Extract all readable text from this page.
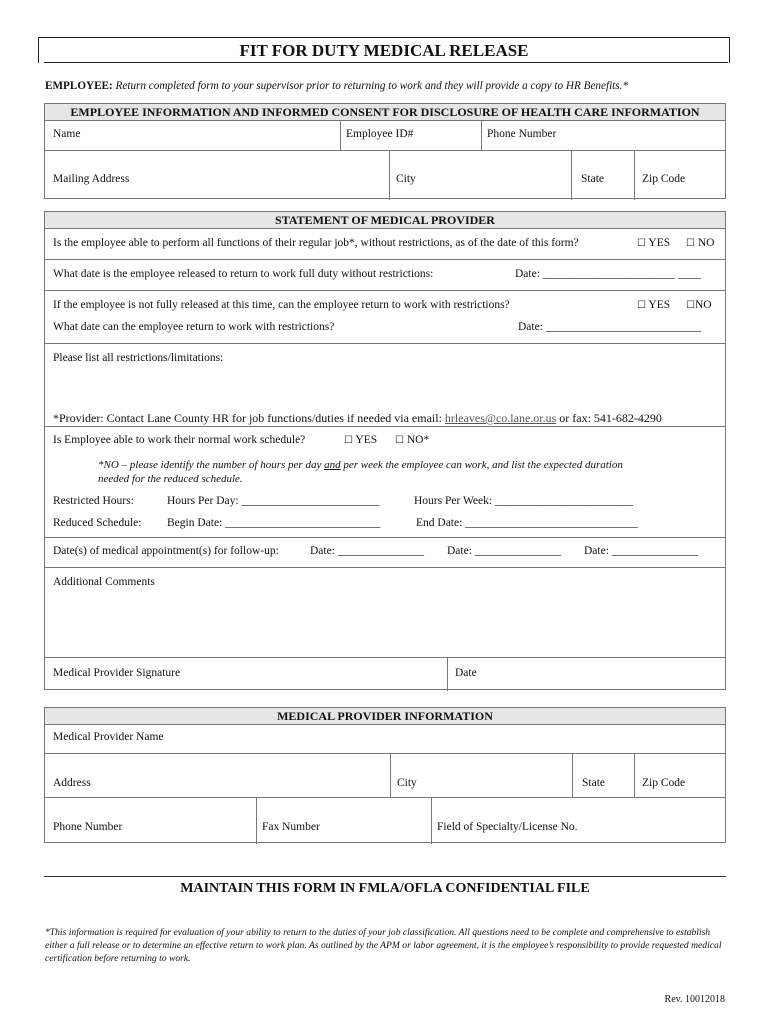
FIT FOR DUTY MEDICAL RELEASE
EMPLOYEE: Return completed form to your supervisor prior to returning to work and they will provide a copy to HR Benefits.*
EMPLOYEE INFORMATION AND INFORMED CONSENT FOR DISCLOSURE OF HEALTH CARE INFORMATION
Name	Employee ID#	Phone Number
Mailing Address	City	State	Zip Code
STATEMENT OF MEDICAL PROVIDER
Is the employee able to perform all functions of their regular job*, without restrictions, as of the date of this form?	☐ YES ☐ NO
What date is the employee released to return to work full duty without restrictions:	Date: _______________________ ____
If the employee is not fully released at this time, can the employee return to work with restrictions?	☐ YES ☐NO
What date can the employee return to work with restrictions?	Date: ___________________________
Please list all restrictions/limitations:
*Provider: Contact Lane County HR for job functions/duties if needed via email: hrleaves@co.lane.or.us or fax: 541-682-4290
Is Employee able to work their normal work schedule?	☐ YES ☐ NO*
*NO – please identify the number of hours per day and per week the employee can work, and list the expected duration
needed for the reduced schedule.
Restricted Hours:	Hours Per Day: ________________________	Hours Per Week: ________________________
Reduced Schedule: Begin Date: ___________________________	End Date: ______________________________
Date(s) of medical appointment(s) for follow-up:	Date: _______________ Date: _______________ Date: _______________
Additional Comments
Medical Provider Signature	Date
MEDICAL PROVIDER INFORMATION
Medical Provider Name
Address	City	State	Zip Code
Phone Number	Fax Number	Field of Specialty/License No.
MAINTAIN THIS FORM IN FMLA/OFLA CONFIDENTIAL FILE
*This information is required for evaluation of your ability to return to the duties of your job classification. All questions need to be complete and comprehensive to establish either a full release or to determine an effective return to work plan. As outlined by the APM or labor agreement, it is the employee’s responsibility to provide requested medical certification before returning to work.
Rev. 10012018
